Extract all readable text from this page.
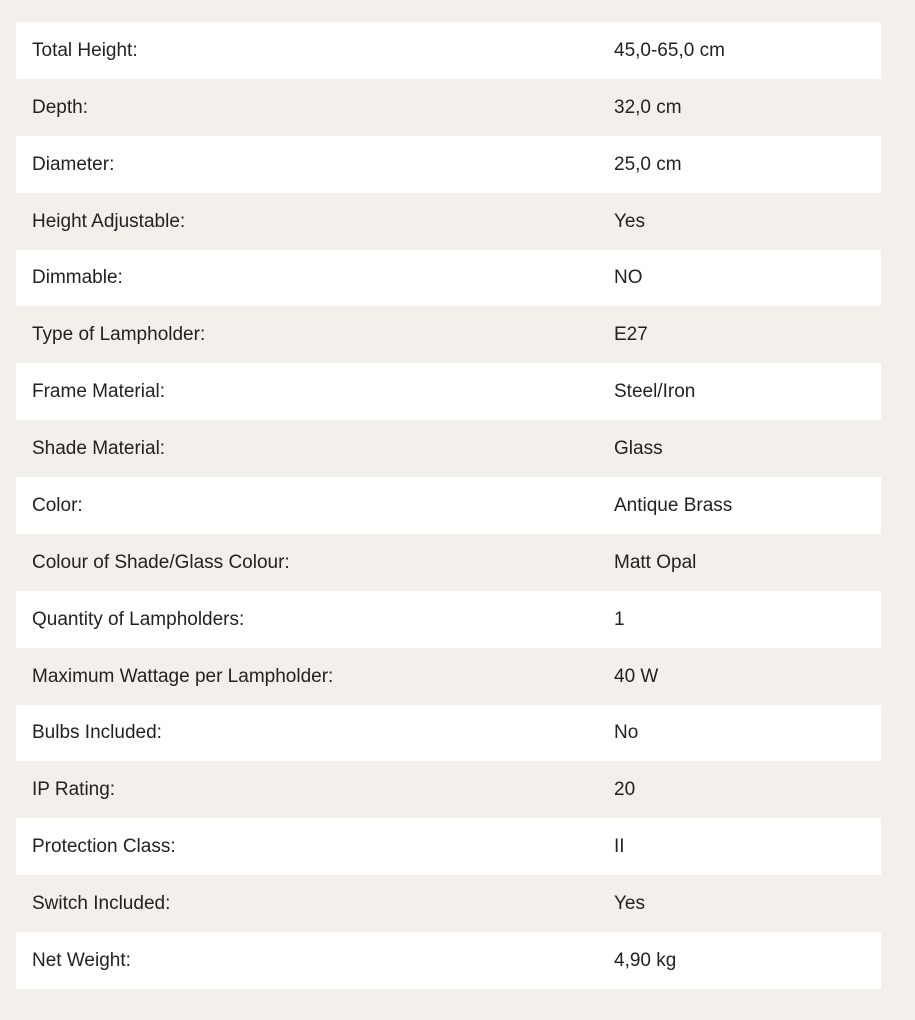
Total Height:	45,0-65,0 cm
Depth:	32,0 cm
Diameter:	25,0 cm
Height Adjustable:	Yes
Dimmable:	NO
Type of Lampholder:	E27
Frame Material:	Steel/Iron
Shade Material:	Glass
Color:	Antique Brass
Colour of Shade/Glass Colour:	Matt Opal
Quantity of Lampholders:	1
Maximum Wattage per Lampholder:	40 W
Bulbs Included:	No
IP Rating:	20
Protection Class:	II
Switch Included:	Yes
Net Weight:	4,90 kg
